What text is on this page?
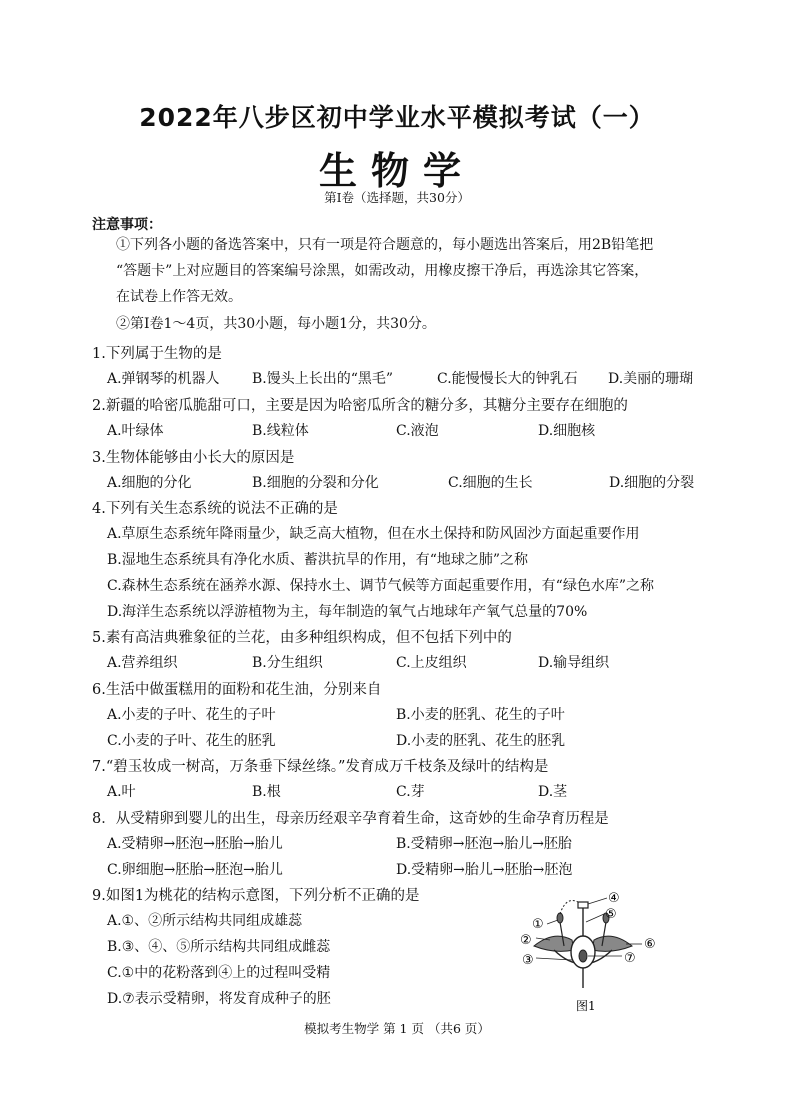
2022年八步区初中学业水平模拟考试（一）
生物学
第Ⅰ卷（选择题，共30分）
注意事项：
①下列各小题的备选答案中，只有一项是符合题意的，每小题选出答案后，用2B铅笔把
“答题卡”上对应题目的答案编号涂黑，如需改动，用橡皮擦干净后，再选涂其它答案，
在试卷上作答无效。
②第Ⅰ卷1～4页，共30小题，每小题1分，共30分。
1.下列属于生物的是
A.弹钢琴的机器人 B.馒头上长出的“黑毛”	C.能慢慢长大的钟乳石 D.美丽的珊瑚
2.新疆的哈密瓜脆甜可口，主要是因为哈密瓜所含的糖分多，其糖分主要存在细胞的
A.叶绿体	B.线粒体	C.液泡	D.细胞核
3.生物体能够由小长大的原因是
A.细胞的分化	B.细胞的分裂和分化	C.细胞的生长	D.细胞的分裂
4.下列有关生态系统的说法不正确的是
A.草原生态系统年降雨量少，缺乏高大植物，但在水土保持和防风固沙方面起重要作用
B.湿地生态系统具有净化水质、蓄洪抗旱的作用，有“地球之肺”之称
C.森林生态系统在涵养水源、保持水土、调节气候等方面起重要作用，有“绿色水库”之称
D.海洋生态系统以浮游植物为主，每年制造的氧气占地球年产氧气总量的70%
5.素有高洁典雅象征的兰花，由多种组织构成，但不包括下列中的
A.营养组织	B.分生组织	C.上皮组织	D.输导组织
6.生活中做蛋糕用的面粉和花生油，分别来自
A.小麦的子叶、花生的子叶	B.小麦的胚乳、花生的子叶
C.小麦的子叶、花生的胚乳	D.小麦的胚乳、花生的胚乳
7.“碧玉妆成一树高，万条垂下绿丝绦。”发育成万千枝条及绿叶的结构是
A.叶	B.根	C.芽	D.茎
8．从受精卵到婴儿的出生，母亲历经艰辛孕育着生命，这奇妙的生命孕育历程是
A.受精卵→胚泡→胚胎→胎儿	B.受精卵→胚泡→胎儿→胚胎
C.卵细胞→胚胎→胚泡→胎儿	D.受精卵→胎儿→胚胎→胚泡
9.如图1为桃花的结构示意图，下列分析不正确的是
A.①、②所示结构共同组成雄蕊
B.③、④、⑤所示结构共同组成雌蕊
C.①中的花粉落到④上的过程叫受精
D.⑦表示受精卵，将发育成种子的胚
①
②
③
④
⑤
⑥
⑦
图1
模拟考生物学 第 1 页 （共6 页）
